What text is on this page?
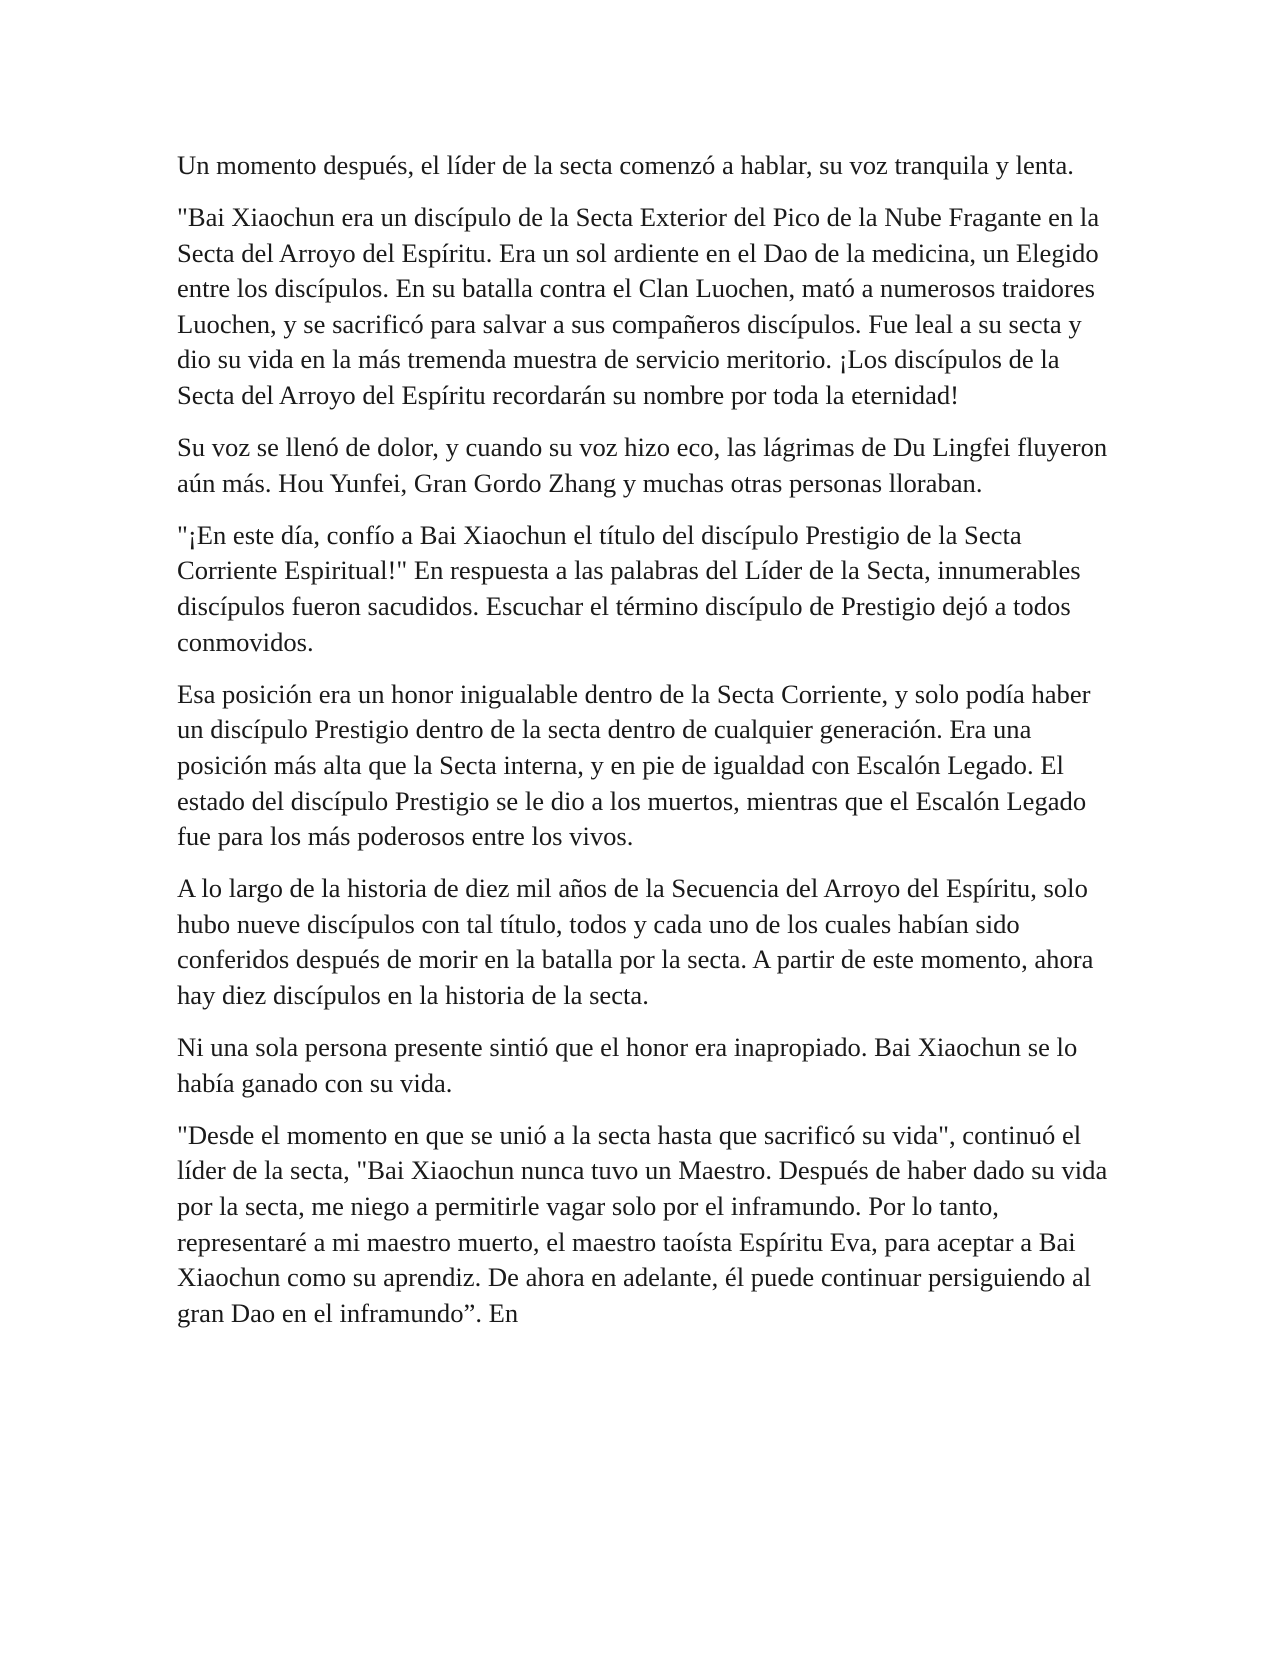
Un momento después, el líder de la secta comenzó a hablar, su voz tranquila y lenta.

"Bai Xiaochun era un discípulo de la Secta Exterior del Pico de la Nube Fragante en la Secta del Arroyo del Espíritu. Era un sol ardiente en el Dao de la medicina, un Elegido entre los discípulos. En su batalla contra el Clan Luochen, mató a numerosos traidores Luochen, y se sacrificó para salvar a sus compañeros discípulos. Fue leal a su secta y dio su vida en la más tremenda muestra de servicio meritorio. ¡Los discípulos de la Secta del Arroyo del Espíritu recordarán su nombre por toda la eternidad!

Su voz se llenó de dolor, y cuando su voz hizo eco, las lágrimas de Du Lingfei fluyeron aún más. Hou Yunfei, Gran Gordo Zhang y muchas otras personas lloraban.

"¡En este día, confío a Bai Xiaochun el título del discípulo Prestigio de la Secta Corriente Espiritual!" En respuesta a las palabras del Líder de la Secta, innumerables discípulos fueron sacudidos. Escuchar el término discípulo de Prestigio dejó a todos conmovidos.

Esa posición era un honor inigualable dentro de la Secta Corriente, y solo podía haber un discípulo Prestigio dentro de la secta dentro de cualquier generación. Era una posición más alta que la Secta interna, y en pie de igualdad con Escalón Legado. El estado del discípulo Prestigio se le dio a los muertos, mientras que el Escalón Legado fue para los más poderosos entre los vivos.

A lo largo de la historia de diez mil años de la Secuencia del Arroyo del Espíritu, solo hubo nueve discípulos con tal título, todos y cada uno de los cuales habían sido conferidos después de morir en la batalla por la secta. A partir de este momento, ahora hay diez discípulos en la historia de la secta.

Ni una sola persona presente sintió que el honor era inapropiado. Bai Xiaochun se lo había ganado con su vida.

"Desde el momento en que se unió a la secta hasta que sacrificó su vida", continuó el líder de la secta, "Bai Xiaochun nunca tuvo un Maestro. Después de haber dado su vida por la secta, me niego a permitirle vagar solo por el inframundo. Por lo tanto, representaré a mi maestro muerto, el maestro taoísta Espíritu Eva, para aceptar a Bai Xiaochun como su aprendiz. De ahora en adelante, él puede continuar persiguiendo al gran Dao en el inframundo”. En
